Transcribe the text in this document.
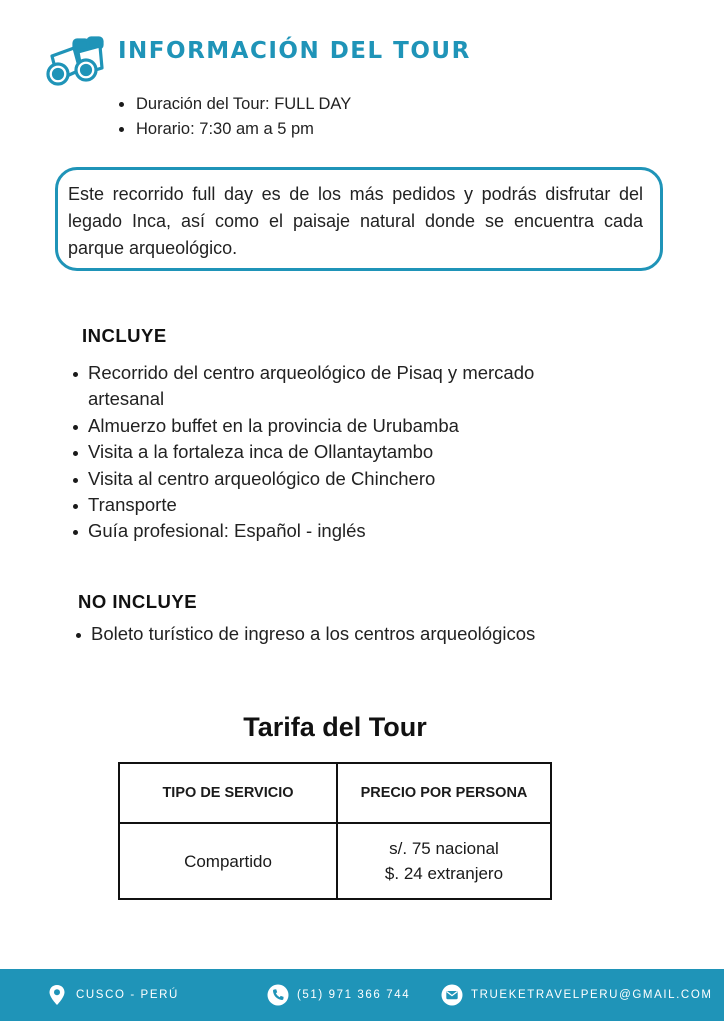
INFORMACIÓN DEL TOUR
Duración del Tour: FULL DAY
Horario: 7:30 am a 5 pm

Este recorrido full day es de los más pedidos y podrás disfrutar del legado Inca, así como el paisaje natural donde se encuentra cada parque arqueológico.

INCLUYE
Recorrido del centro arqueológico de Pisaq y mercado
artesanal
Almuerzo buffet en la provincia de Urubamba
Visita a la fortaleza inca de Ollantaytambo
Visita al centro arqueológico de Chinchero
Transporte
Guía profesional: Español - inglés
NO INCLUYE
Boleto turístico de ingreso a los centros arqueológicos
Tarifa del Tour
TIPO DE SERVICIO	PRECIO POR PERSONA
Compartido	s/. 75 nacional
$. 24 extranjero
CUSCO - PERÚ	(51) 971 366 744	TRUEKETRAVELPERU@GMAIL.COM
